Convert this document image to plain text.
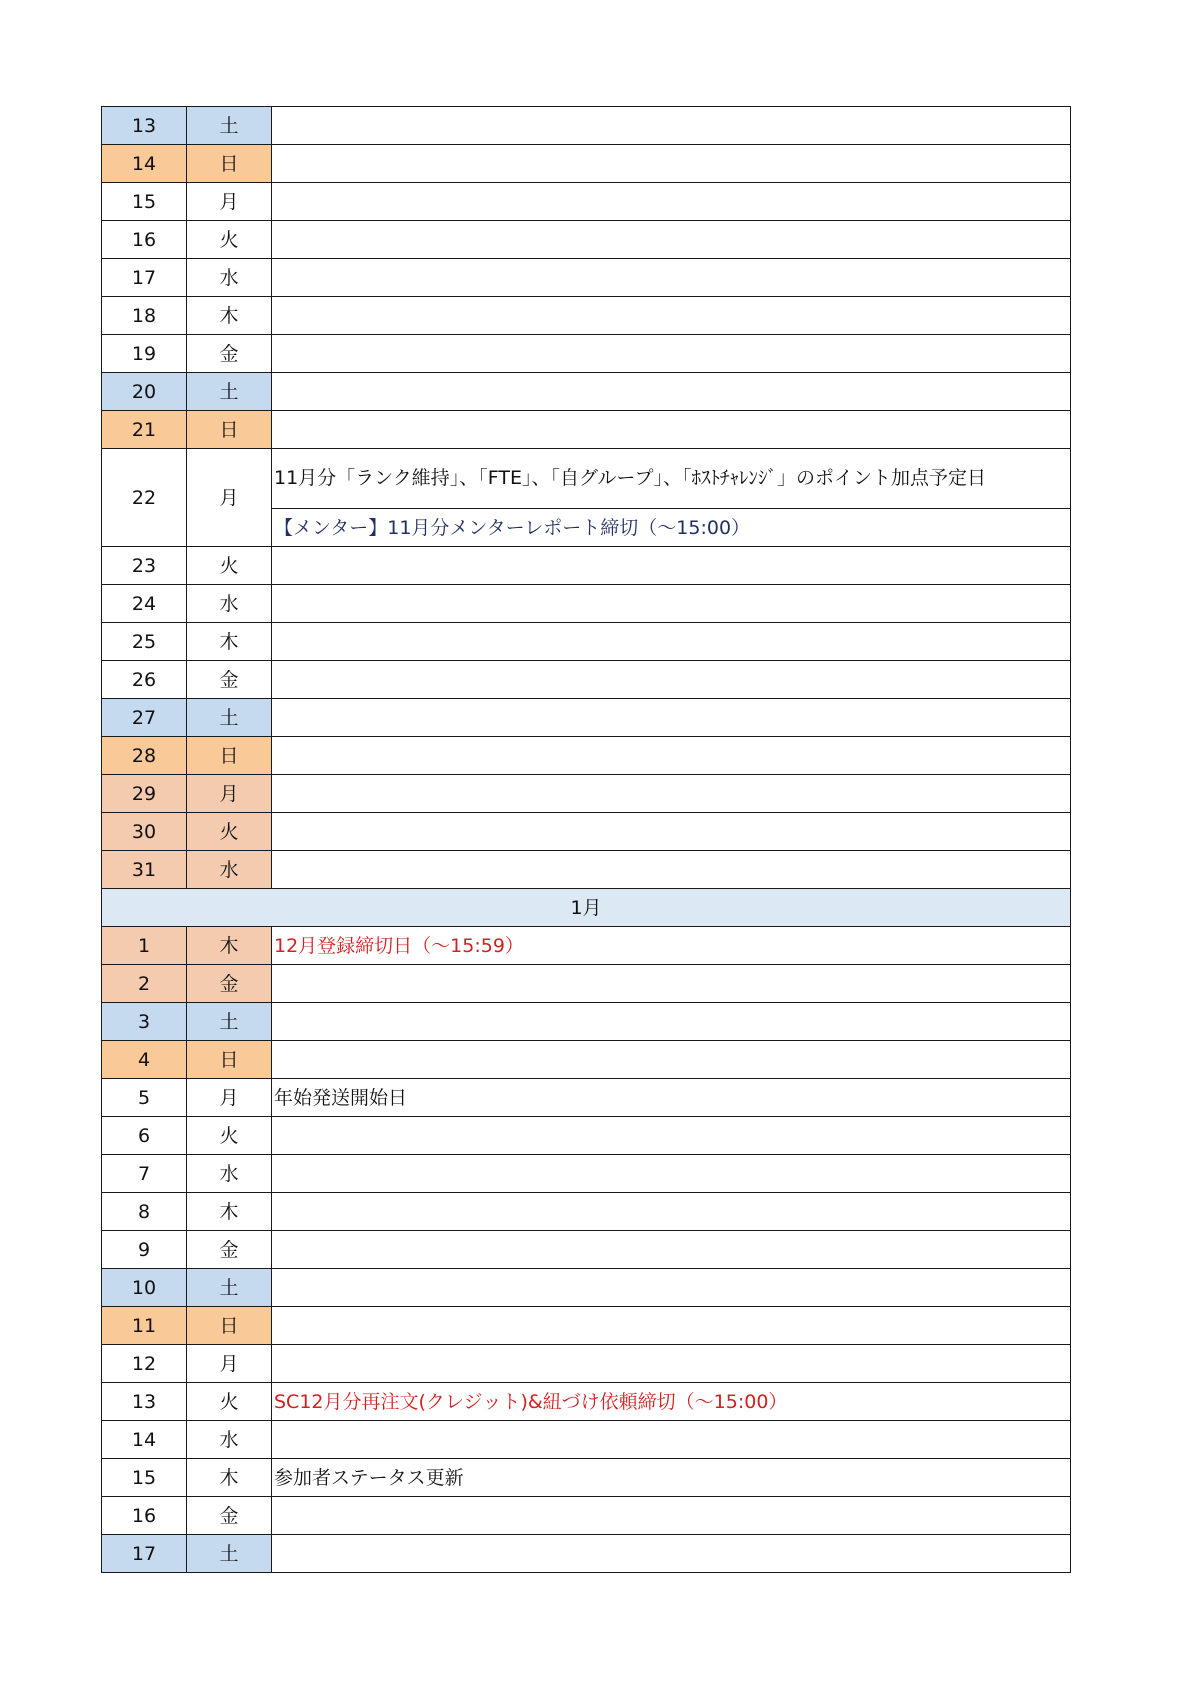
13	土	
14	日	
15	月	
16	火	
17	水	
18	木	
19	金	
20	土	
21	日	
22	月	11月分「ランク維持」、「FTE」、「自グループ」、「ﾎｽﾄﾁｬﾚﾝｼﾞ」のポイント加点予定日
		【メンター】11月分メンターレポート締切（～15:00）
23	火	
24	水	
25	木	
26	金	
27	土	
28	日	
29	月	
30	火	
31	水	
1月		
1	木	12月登録締切日（～15:59）
2	金	
3	土	
4	日	
5	月	年始発送開始日
6	火	
7	水	
8	木	
9	金	
10	土	
11	日	
12	月	
13	火	SC12月分再注文(クレジット)&紐づけ依頼締切（～15:00）
14	水	
15	木	参加者ステータス更新
16	金	
17	土	
